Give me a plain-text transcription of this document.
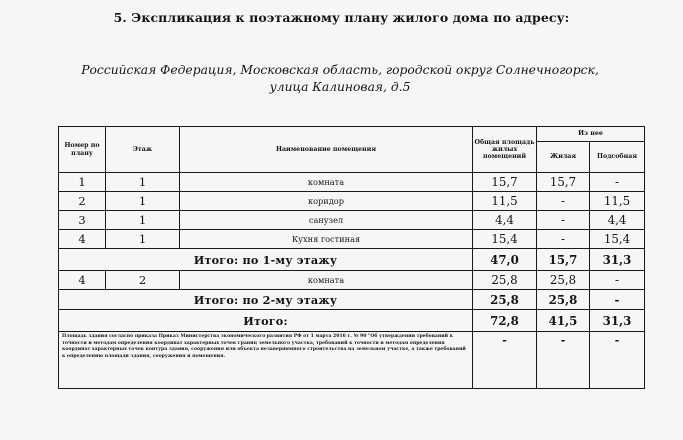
5. Экспликация к поэтажному плану жилого дома по адресу:
Российская Федерация, Московская область, городской округ Солнечногорск, улица Калиновая, д.5
Номер по плану	Этаж	Наименование помещения	Общая площадь жилых помещений	Из нее	
				Жилая	Подсобная
1	1	комната	15,7	15,7	-
2	1	коридор	11,5	-	11,5
3	1	санузел	4,4	-	4,4
4	1	Кухня гостиная	15,4	-	15,4
Итого: по 1-му этажу			47,0	15,7	31,3
4	2	комната	25,8	25,8	-
Итого: по 2-му этажу			25,8	25,8	-
Итого:			72,8	41,5	31,3
Площадь здания согласно приказа Приказ Министерства экономического развития РФ от 1 марта 2016 г. № 90 "Об утверждении требований к точности и методам определения координат характерных точек границ земельного участка, требований к точности и методам определения координат характерных точек контура здания, сооружения или объекта незавершенного строительства на земельном участке, а также требований к определению площади здания, сооружения и помещения.			-	-	-
